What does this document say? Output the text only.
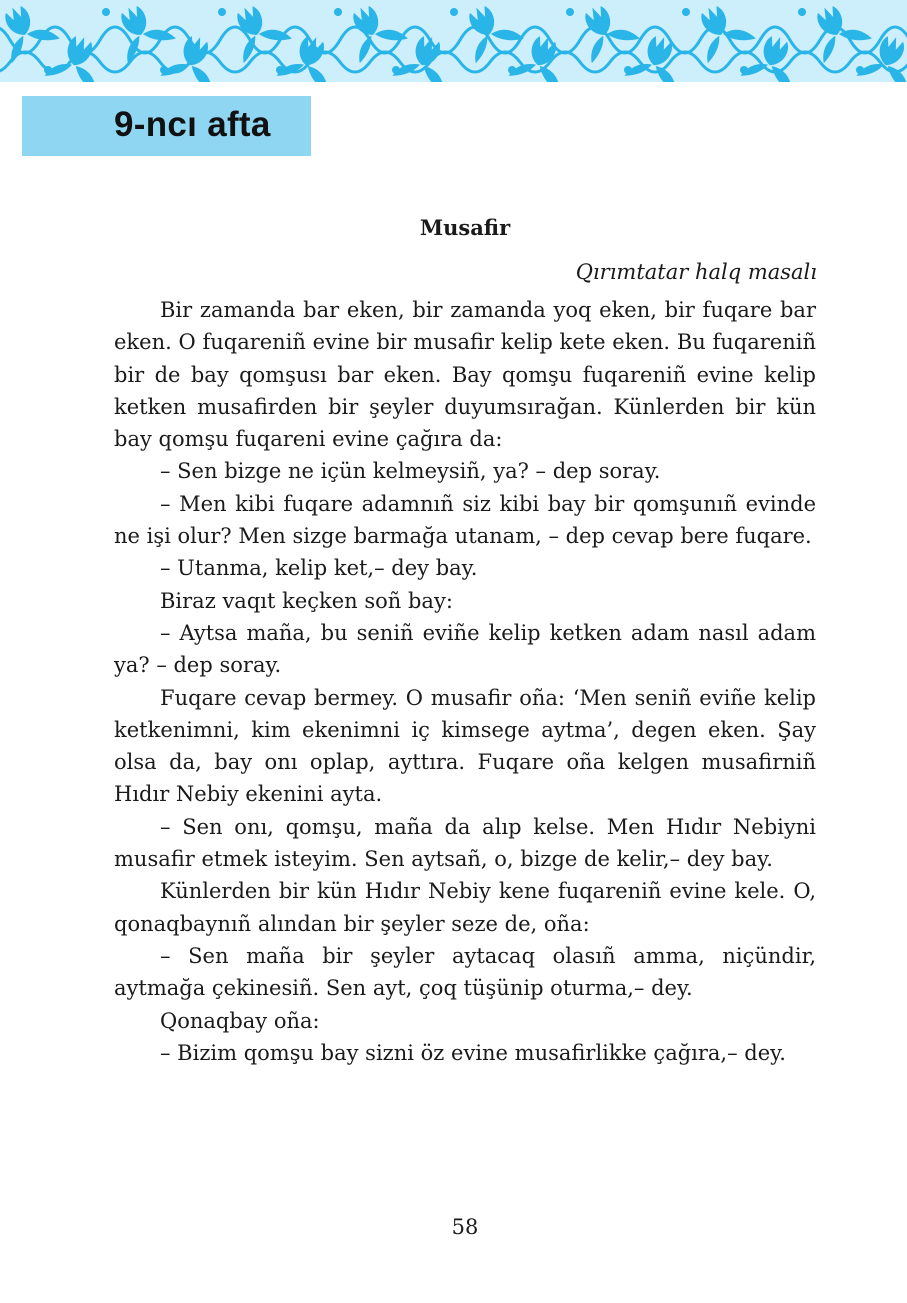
9-ncı afta
Musafir
Qırımtatar halq masalı

Bir zamanda bar eken, bir zamanda yoq eken, bir fuqare bar eken. O fuqareniñ evine bir musafir kelip kete eken. Bu fuqareniñ bir de bay qomşusı bar eken. Bay qomşu fuqareniñ evine kelip ketken musafirden bir şeyler duyumsırağan. Künlerden bir kün bay qomşu fuqareni evine çağıra da:

– Sen bizge ne içün kelmeysiñ, ya? – dep soray.

– Men kibi fuqare adamnıñ siz kibi bay bir qomşunıñ evinde ne işi olur? Men sizge barmağa utanam, – dep cevap bere fuqare.

– Utanma, kelip ket,– dey bay.

Biraz vaqıt keçken soñ bay:

– Aytsa maña, bu seniñ eviñe kelip ketken adam nasıl adam ya? – dep soray.

Fuqare cevap bermey. O musafir oña: ‘Men seniñ eviñe kelip ketkenimni, kim ekenimni iç kimsege aytma’, degen eken. Şay olsa da, bay onı oplap, ayttıra. Fuqare oña kelgen musafirniñ Hıdır Nebiy ekenini ayta.

– Sen onı, qomşu, maña da alıp kelse. Men Hıdır Nebiyni musafir etmek isteyim. Sen aytsañ, o, bizge de kelir,– dey bay.

Künlerden bir kün Hıdır Nebiy kene fuqareniñ evine kele. O, qonaqbaynıñ alından bir şeyler seze de, oña:

– Sen maña bir şeyler aytacaq olasıñ amma, niçündir, aytmağa çekinesiñ. Sen ayt, çoq tüşünip oturma,– dey.

Qonaqbay oña:

– Bizim qomşu bay sizni öz evine musafirlikke çağıra,– dey.

58
